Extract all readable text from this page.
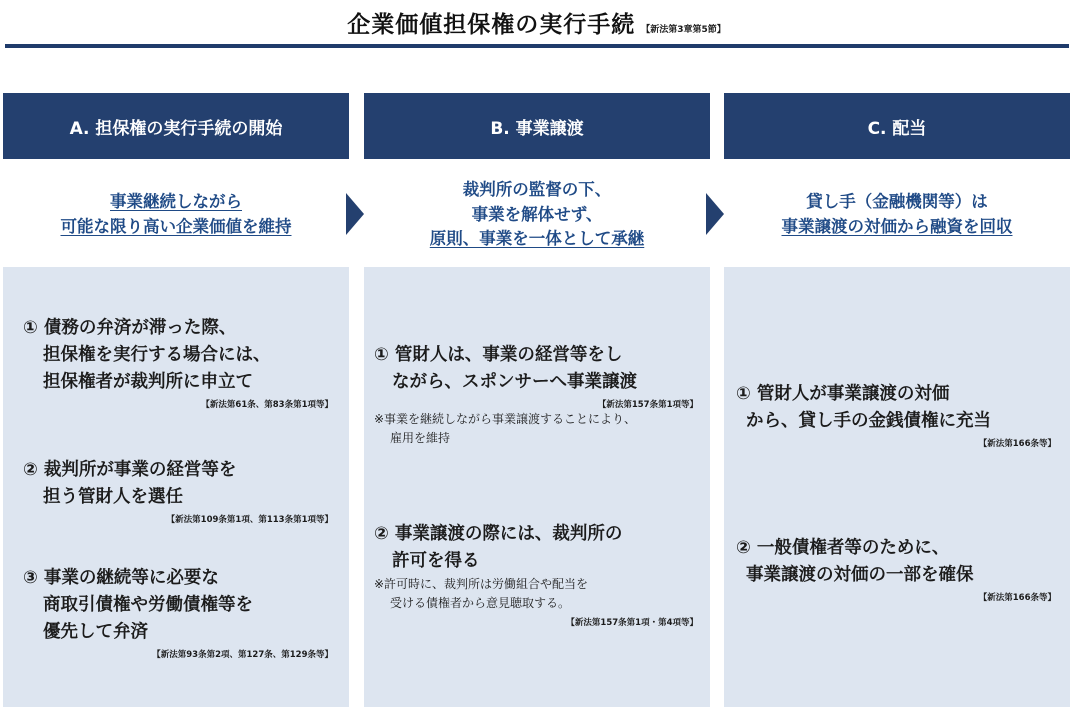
企業価値担保権の実行手続 【新法第3章第5節】
A. 担保権の実行手続の開始	B. 事業譲渡	C. 配当
事業継続しながら
可能な限り高い企業価値を維持
裁判所の監督の下、
事業を解体せず、
原則、事業を一体として承継
貸し手（金融機関等）は
事業譲渡の対価から融資を回収
① 債務の弁済が滞った際、
担保権を実行する場合には、
担保権者が裁判所に申立て
【新法第61条、第83条第1項等】
② 裁判所が事業の経営等を
担う管財人を選任
【新法第109条第1項、第113条第1項等】
③ 事業の継続等に必要な
商取引債権や労働債権等を
優先して弁済
【新法第93条第2項、第127条、第129条等】
① 管財人は、事業の経営等をし
ながら、スポンサーへ事業譲渡
【新法第157条第1項等】
※事業を継続しながら事業譲渡することにより、
雇用を維持
② 事業譲渡の際には、裁判所の
許可を得る
※許可時に、裁判所は労働組合や配当を
受ける債権者から意見聴取する。
【新法第157条第1項・第4項等】
① 管財人が事業譲渡の対価
から、貸し手の金銭債権に充当
【新法第166条等】
② 一般債権者等のために、
事業譲渡の対価の一部を確保
【新法第166条等】
